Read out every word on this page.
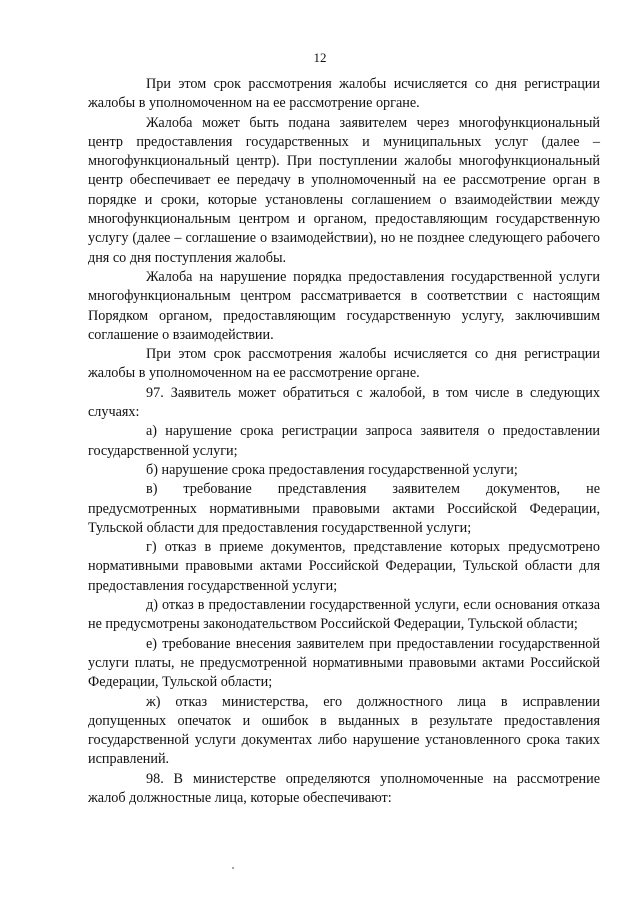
12

При этом срок рассмотрения жалобы исчисляется со дня регистрации жалобы в уполномоченном на ее рассмотрение органе.

Жалоба может быть подана заявителем через многофункциональный центр предоставления государственных и муниципальных услуг (далее – многофункциональный центр). При поступлении жалобы многофункциональный центр обеспечивает ее передачу в уполномоченный на ее рассмотрение орган в порядке и сроки, которые установлены соглашением о взаимодействии между многофункциональным центром и органом, предоставляющим государственную услугу (далее – соглашение о взаимодействии), но не позднее следующего рабочего дня со дня поступления жалобы.

Жалоба на нарушение порядка предоставления государственной услуги многофункциональным центром рассматривается в соответствии с настоящим Порядком органом, предоставляющим государственную услугу, заключившим соглашение о взаимодействии.

При этом срок рассмотрения жалобы исчисляется со дня регистрации жалобы в уполномоченном на ее рассмотрение органе.

97. Заявитель может обратиться с жалобой, в том числе в следующих случаях:

а) нарушение срока регистрации запроса заявителя о предоставлении государственной услуги;

б) нарушение срока предоставления государственной услуги;

в) требование представления заявителем документов, не предусмотренных нормативными правовыми актами Российской Федерации, Тульской области для предоставления государственной услуги;

г) отказ в приеме документов, представление которых предусмотрено нормативными правовыми актами Российской Федерации, Тульской области для предоставления государственной услуги;

д) отказ в предоставлении государственной услуги, если основания отказа не предусмотрены законодательством Российской Федерации, Тульской области;

е) требование внесения заявителем при предоставлении государственной услуги платы, не предусмотренной нормативными правовыми актами Российской Федерации, Тульской области;

ж) отказ министерства, его должностного лица в исправлении допущенных опечаток и ошибок в выданных в результате предоставления государственной услуги документах либо нарушение установленного срока таких исправлений.

98. В министерстве определяются уполномоченные на рассмотрение жалоб должностные лица, которые обеспечивают:
